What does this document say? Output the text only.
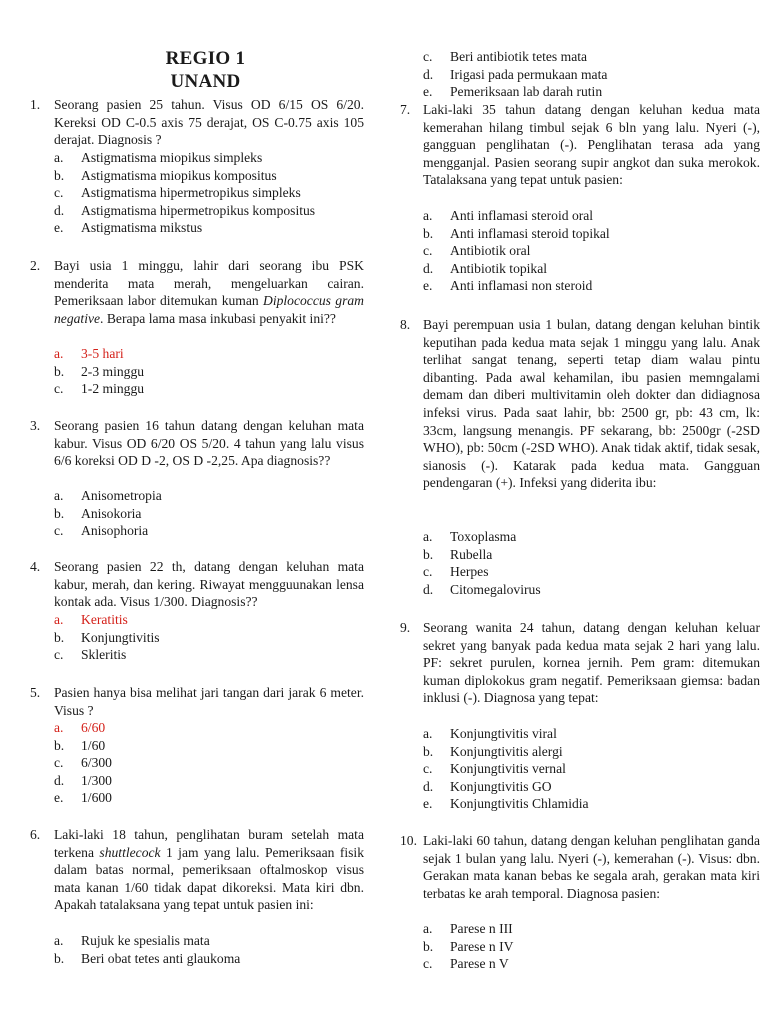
REGIO 1
UNAND
1. Seorang pasien 25 tahun. Visus OD 6/15 OS 6/20. Kereksi OD C-0.5 axis 75 derajat, OS C-0.75 axis 105 derajat. Diagnosis ?
a. Astigmatisma miopikus simpleks
b. Astigmatisma miopikus kompositus
c. Astigmatisma hipermetropikus simpleks
d. Astigmatisma hipermetropikus kompositus
e. Astigmatisma mikstus
2. Bayi usia 1 minggu, lahir dari seorang ibu PSK menderita mata merah, mengeluarkan cairan. Pemeriksaan labor ditemukan kuman Diplococcus gram negative. Berapa lama masa inkubasi penyakit ini??
a. 3-5 hari
b. 2-3 minggu
c. 1-2 minggu
3. Seorang pasien 16 tahun datang dengan keluhan mata kabur. Visus OD 6/20 OS 5/20. 4 tahun yang lalu visus 6/6 koreksi OD D -2, OS D -2,25. Apa diagnosis??
a. Anisometropia
b. Anisokoria
c. Anisophoria
4. Seorang pasien 22 th, datang dengan keluhan mata kabur, merah, dan kering. Riwayat mengguunakan lensa kontak ada. Visus 1/300. Diagnosis??
a. Keratitis
b. Konjungtivitis
c. Skleritis
5. Pasien hanya bisa melihat jari tangan dari jarak 6 meter. Visus ?
a. 6/60
b. 1/60
c. 6/300
d. 1/300
e. 1/600
6. Laki-laki 18 tahun, penglihatan buram setelah mata terkena shuttlecock 1 jam yang lalu. Pemeriksaan fisik dalam batas normal, pemeriksaan oftalmoskop visus mata kanan 1/60 tidak dapat dikoreksi. Mata kiri dbn. Apakah tatalaksana yang tepat untuk pasien ini:
a. Rujuk ke spesialis mata
b. Beri obat tetes anti glaukoma
c. Beri antibiotik tetes mata
d. Irigasi pada permukaan mata
e. Pemeriksaan lab darah rutin
7. Laki-laki 35 tahun datang dengan keluhan kedua mata kemerahan hilang timbul sejak 6 bln yang lalu. Nyeri (-), gangguan penglihatan (-). Penglihatan terasa ada yang mengganjal. Pasien seorang supir angkot dan suka merokok. Tatalaksana yang tepat untuk pasien:
a. Anti inflamasi steroid oral
b. Anti inflamasi steroid topikal
c. Antibiotik oral
d. Antibiotik topikal
e. Anti inflamasi non steroid
8. Bayi perempuan usia 1 bulan, datang dengan keluhan bintik keputihan pada kedua mata sejak 1 minggu yang lalu. Anak terlihat sangat tenang, seperti tetap diam walau pintu dibanting. Pada awal kehamilan, ibu pasien memngalami demam dan diberi multivitamin oleh dokter dan didiagnosa infeksi virus. Pada saat lahir, bb: 2500 gr, pb: 43 cm, lk: 33cm, langsung menangis. PF sekarang, bb: 2500gr (-2SD WHO), pb: 50cm (-2SD WHO). Anak tidak aktif, tidak sesak, sianosis (-). Katarak pada kedua mata. Gangguan pendengaran (+). Infeksi yang diderita ibu:
a. Toxoplasma
b. Rubella
c. Herpes
d. Citomegalovirus
9. Seorang wanita 24 tahun, datang dengan keluhan keluar sekret yang banyak pada kedua mata sejak 2 hari yang lalu. PF: sekret purulen, kornea jernih. Pem gram: ditemukan kuman diplokokus gram negatif. Pemeriksaan giemsa: badan inklusi (-). Diagnosa yang tepat:
a. Konjungtivitis viral
b. Konjungtivitis alergi
c. Konjungtivitis vernal
d. Konjungtivitis GO
e. Konjungtivitis Chlamidia
10. Laki-laki 60 tahun, datang dengan keluhan penglihatan ganda sejak 1 bulan yang lalu. Nyeri (-), kemerahan (-). Visus: dbn. Gerakan mata kanan bebas ke segala arah, gerakan mata kiri terbatas ke arah temporal. Diagnosa pasien:
a. Parese n III
b. Parese n IV
c. Parese n V
